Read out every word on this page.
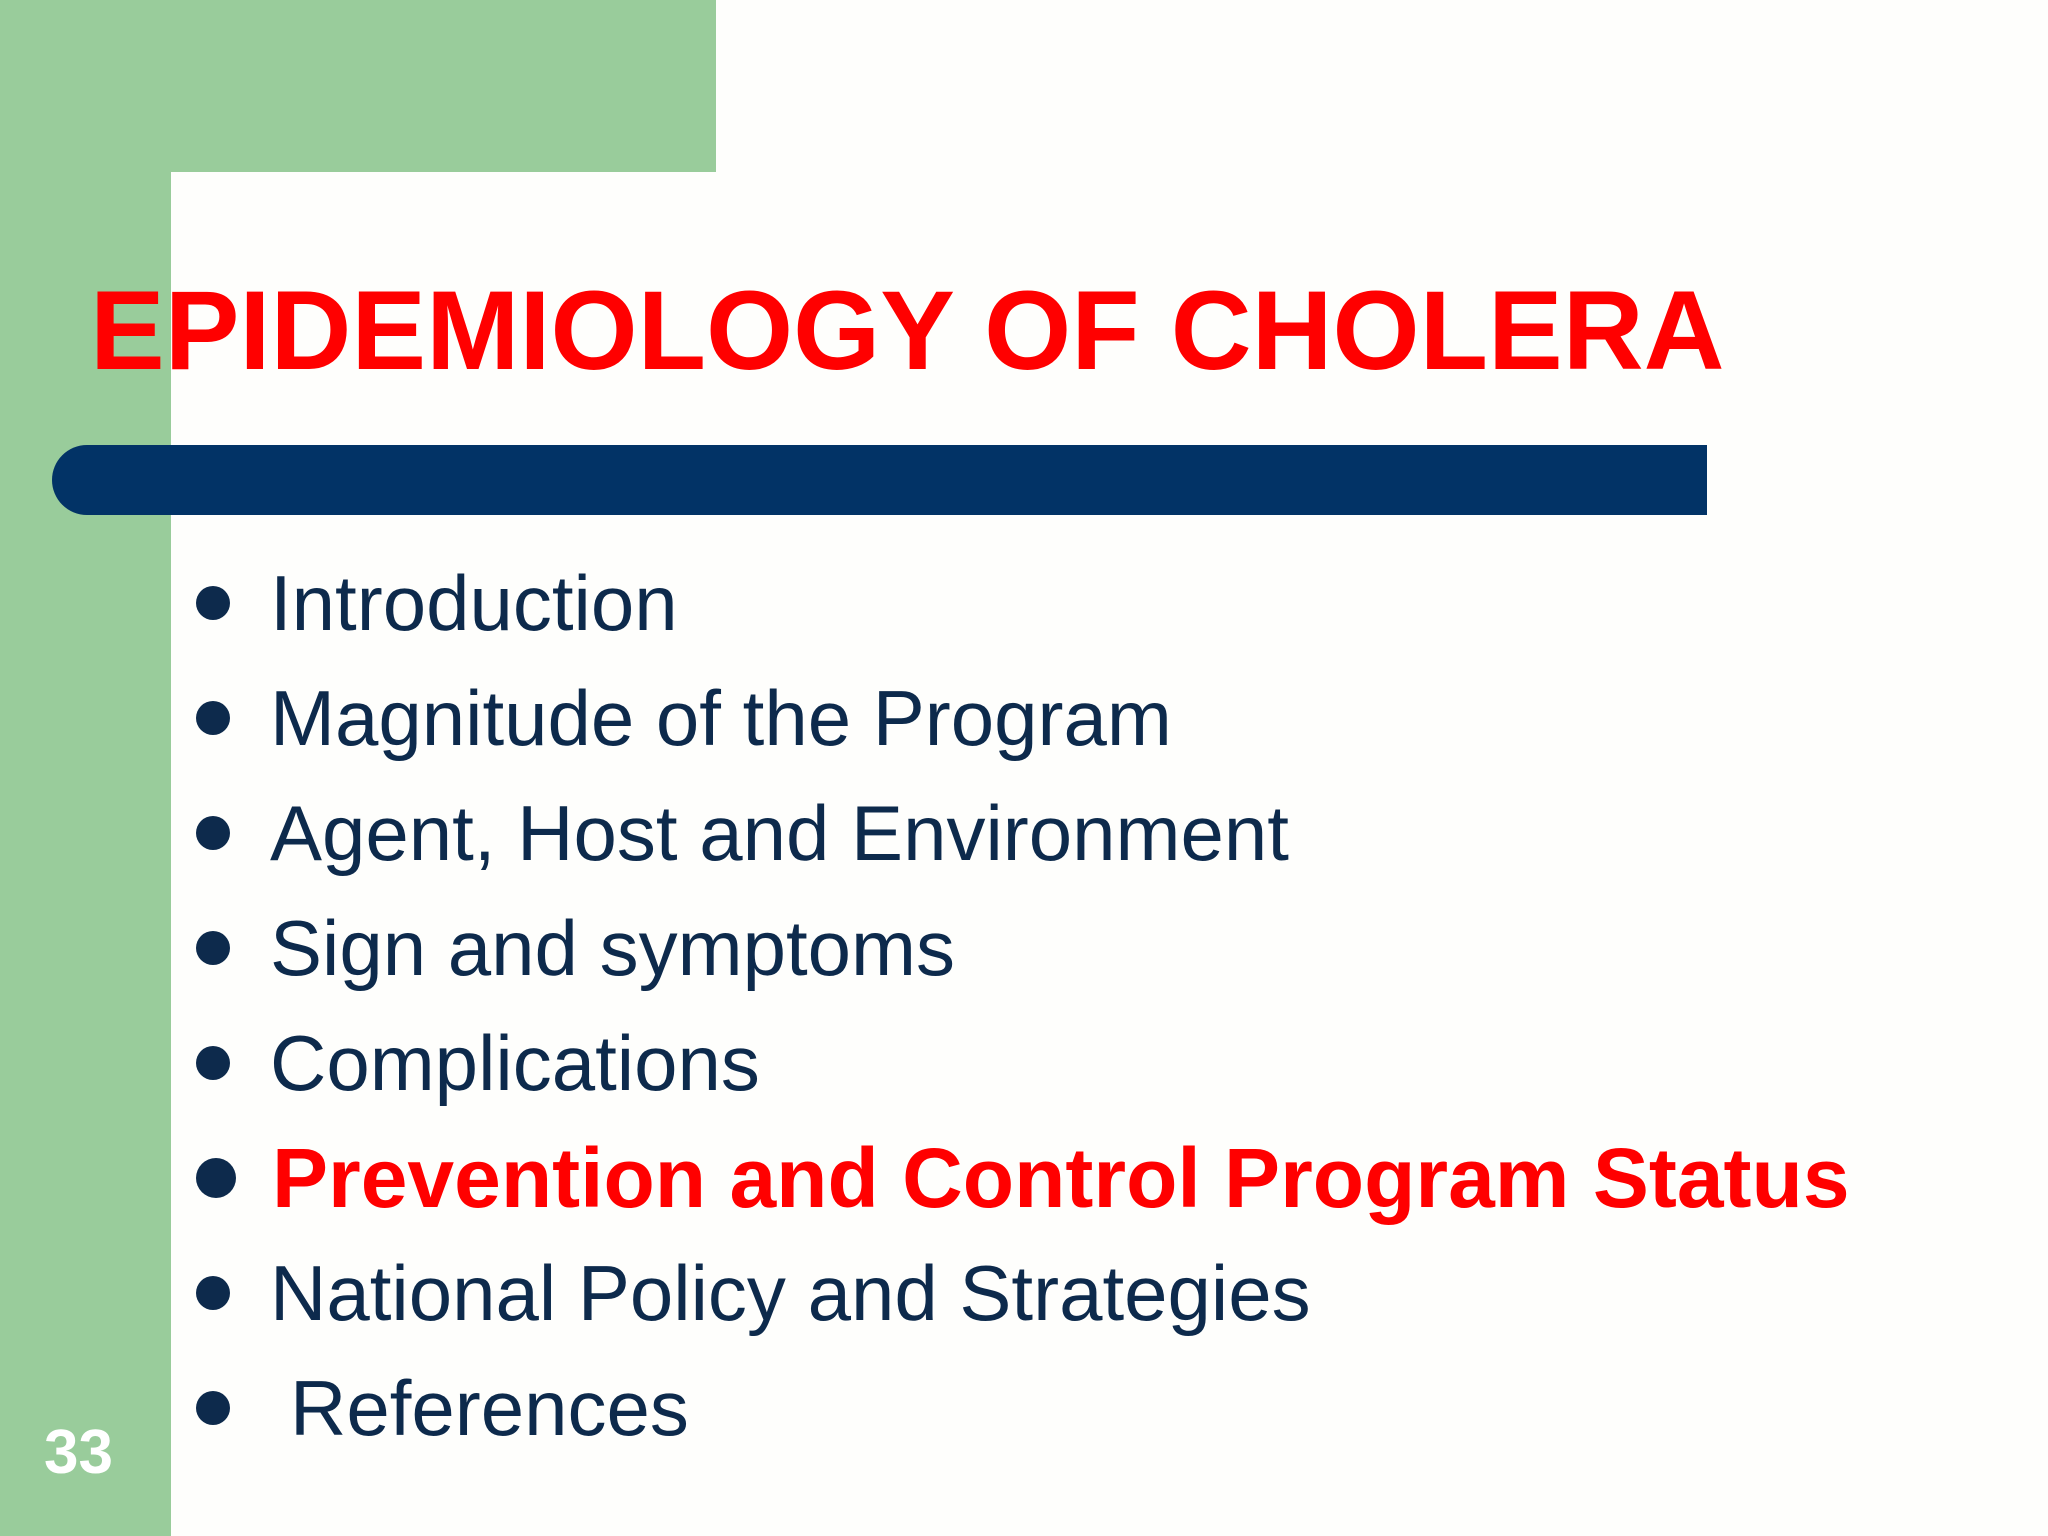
EPIDEMIOLOGY OF CHOLERA
Introduction
Magnitude of the Program
Agent, Host and Environment
Sign and symptoms
Complications
Prevention and Control Program Status
National Policy and Strategies
References
33
